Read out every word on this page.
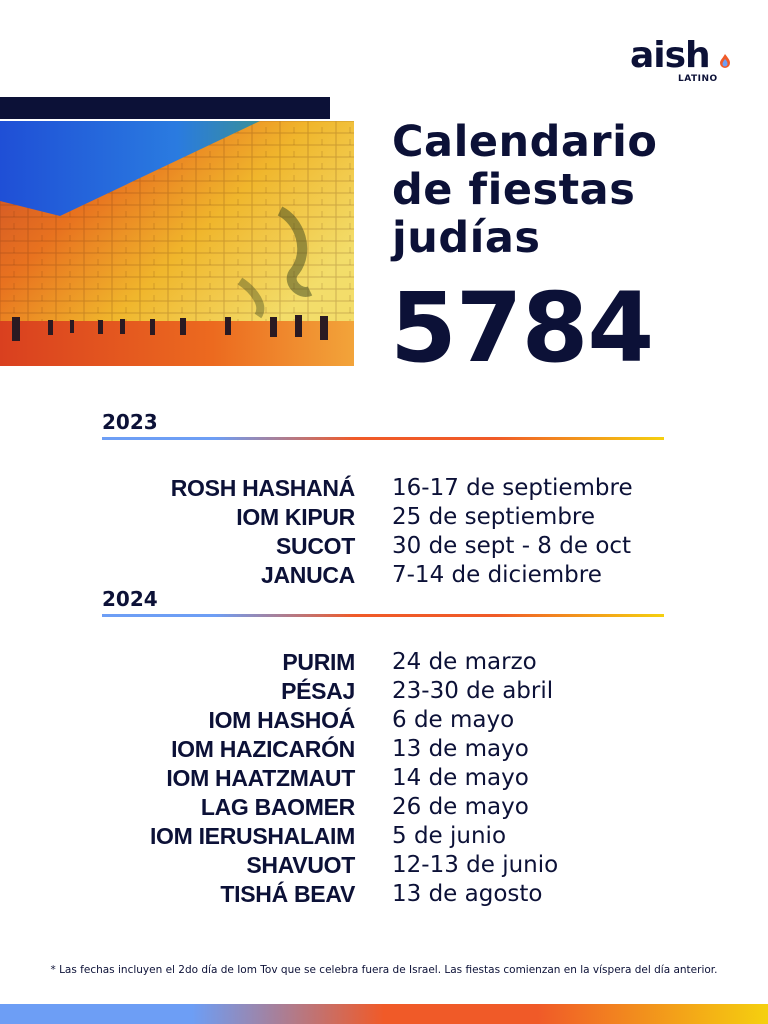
aish
LATINO
Calendario
de fiestas
judías
5784
2023
ROSH HASHANÁ 16-17 de septiembre
IOM KIPUR 25 de septiembre
SUCOT 30 de sept - 8 de oct
JANUCA 7-14 de diciembre
2024
PURIM 24 de marzo
PÉSAJ 23-30 de abril
IOM HASHOÁ 6 de mayo
IOM HAZICARÓN 13 de mayo
IOM HAATZMAUT 14 de mayo
LAG BAOMER 26 de mayo
IOM IERUSHALAIM 5 de junio
SHAVUOT 12-13 de junio
TISHÁ BEAV 13 de agosto
* Las fechas incluyen el 2do día de Iom Tov que se celebra fuera de Israel. Las fiestas comienzan en la víspera del día anterior.
